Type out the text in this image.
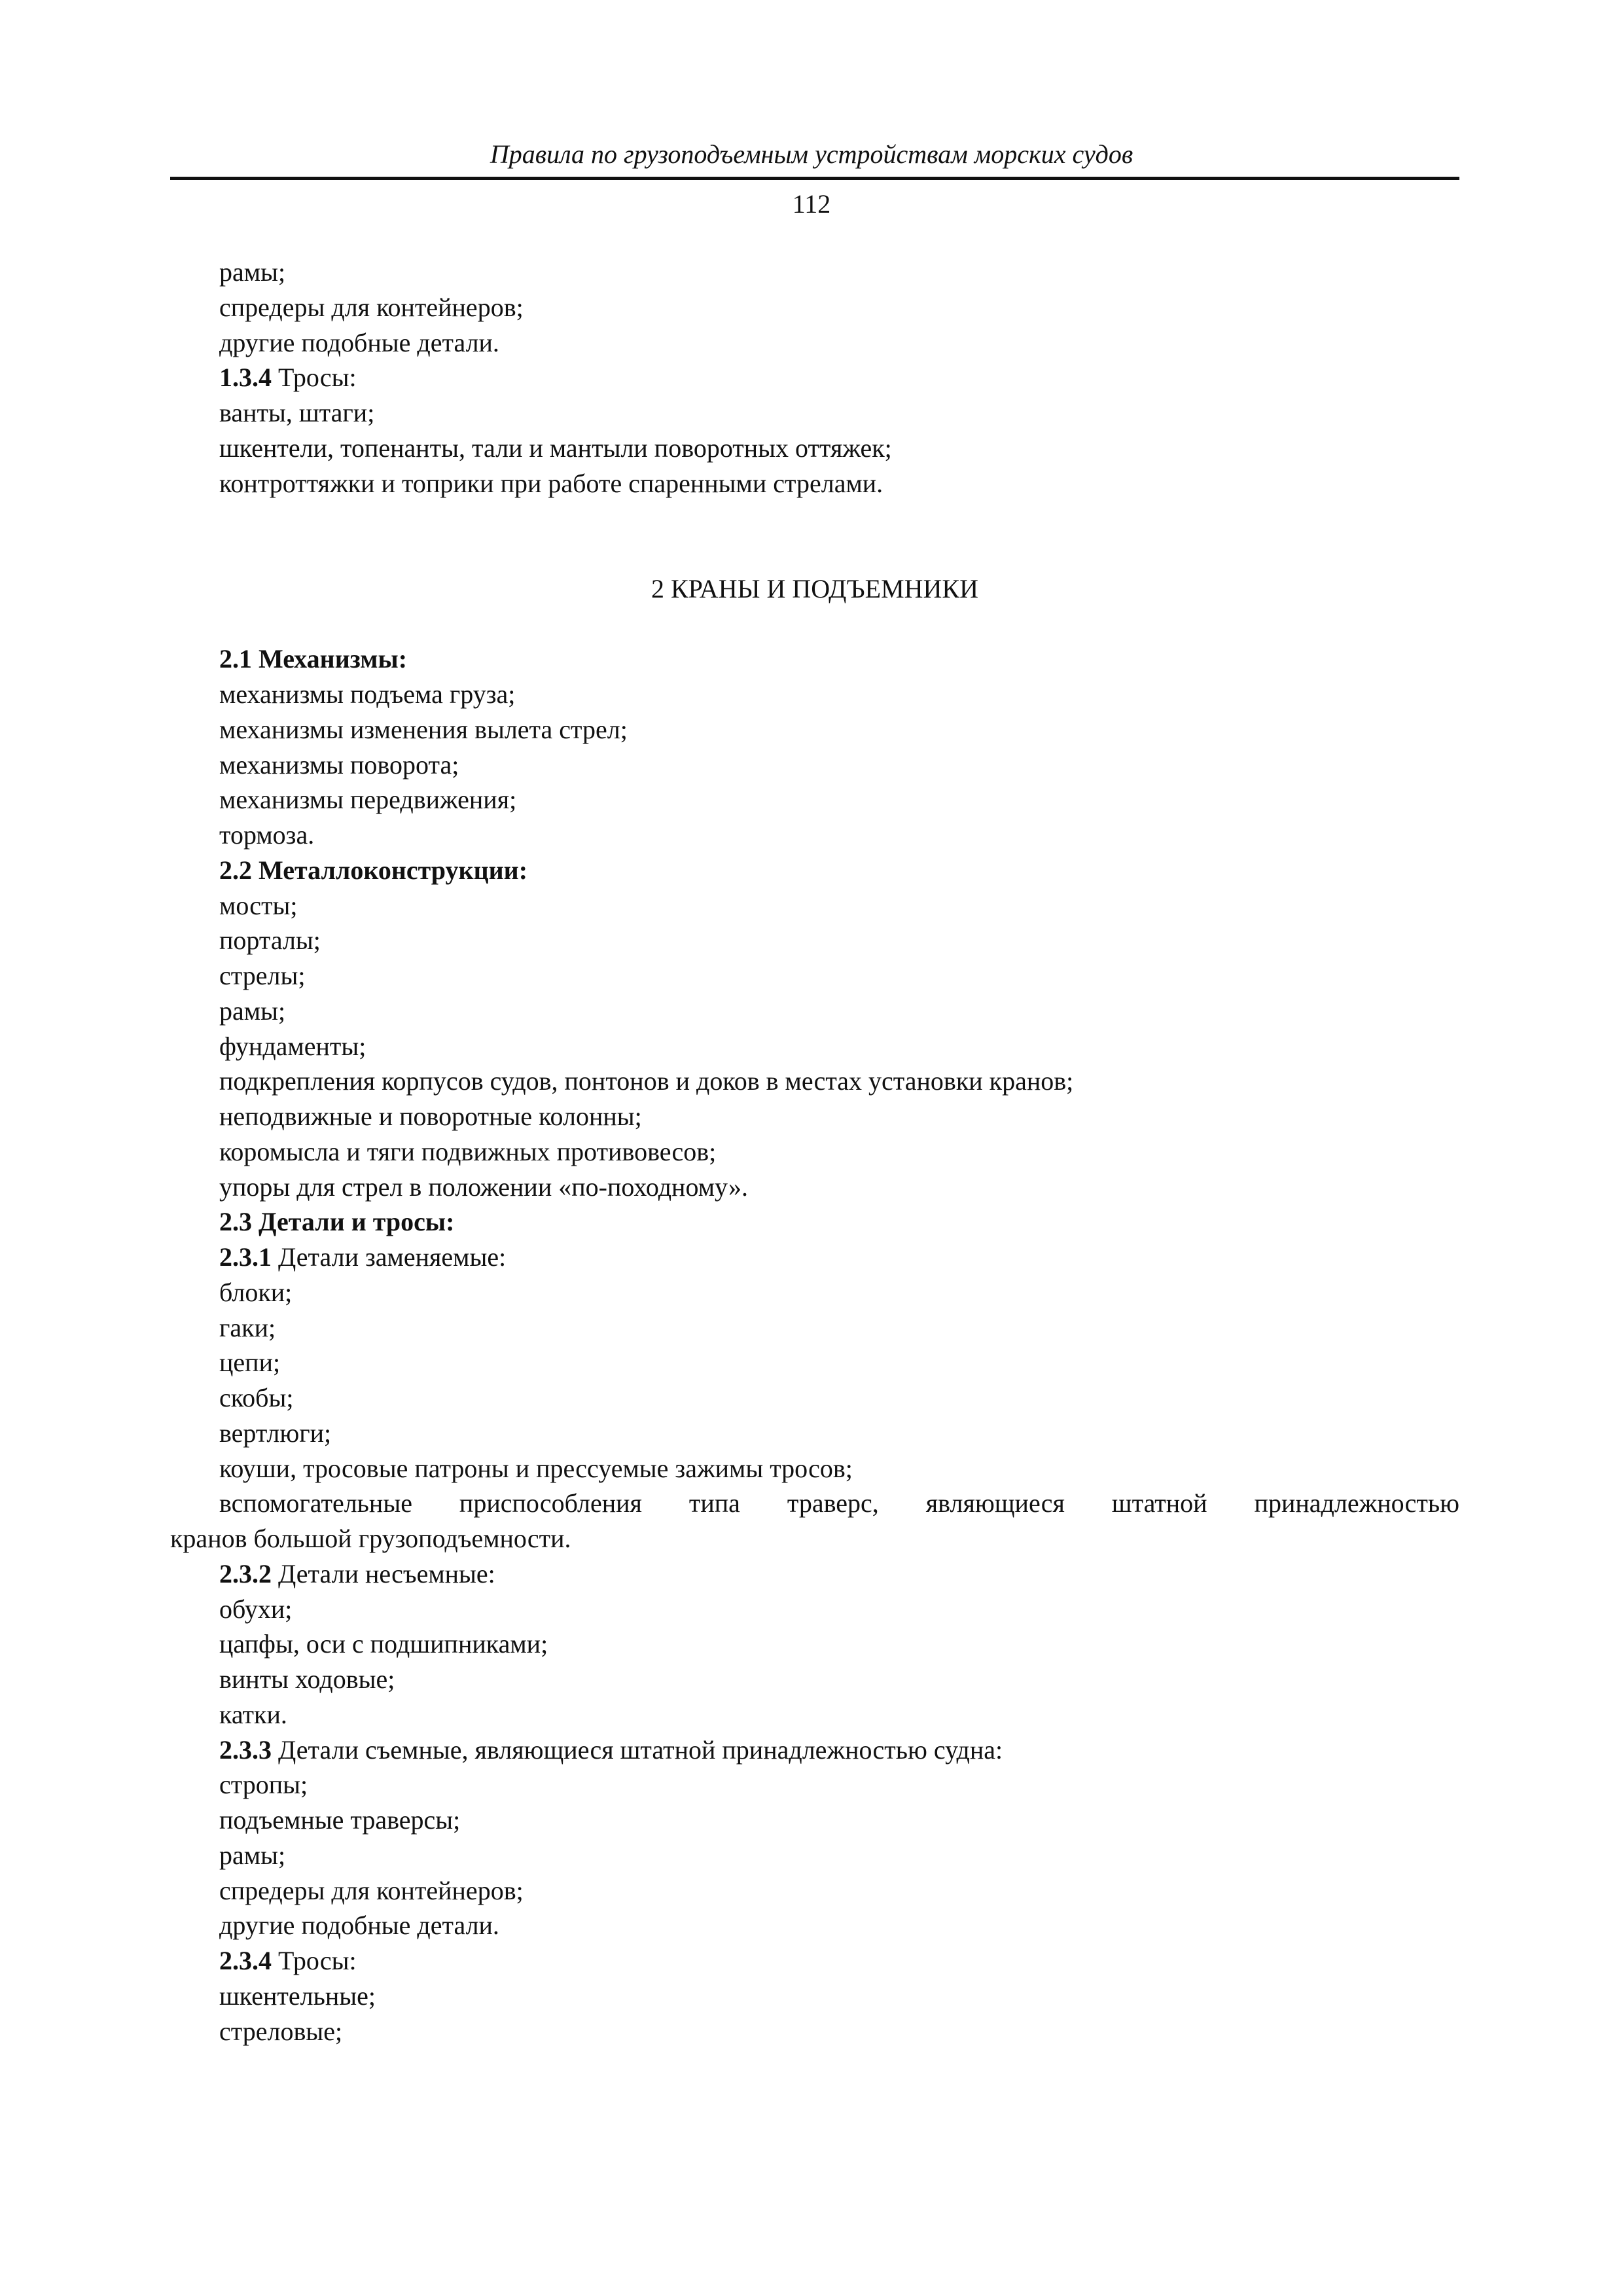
Правила по грузоподъемным устройствам морских судов
112
рамы;
спредеры для контейнеров;
другие подобные детали.
1.3.4 Тросы:
ванты, штаги;
шкентели, топенанты, тали и мантыли поворотных оттяжек;
контроттяжки и топрики при работе спаренными стрелами.
2 КРАНЫ И ПОДЪЕМНИКИ
2.1 Механизмы:
механизмы подъема груза;
механизмы изменения вылета стрел;
механизмы поворота;
механизмы передвижения;
тормоза.
2.2 Металлоконструкции:
мосты;
порталы;
стрелы;
рамы;
фундаменты;
подкрепления корпусов судов, понтонов и доков в местах установки кранов;
неподвижные и поворотные колонны;
коромысла и тяги подвижных противовесов;
упоры для стрел в положении «по-походному».
2.3 Детали и тросы:
2.3.1 Детали заменяемые:
блоки;
гаки;
цепи;
скобы;
вертлюги;
коуши, тросовые патроны и прессуемые зажимы тросов;
вспомогательные приспособления типа траверс, являющиеся штатной принадлежностью
кранов большой грузоподъемности.
2.3.2 Детали несъемные:
обухи;
цапфы, оси с подшипниками;
винты ходовые;
катки.
2.3.3 Детали съемные, являющиеся штатной принадлежностью судна:
стропы;
подъемные траверсы;
рамы;
спредеры для контейнеров;
другие подобные детали.
2.3.4 Тросы:
шкентельные;
стреловые;
